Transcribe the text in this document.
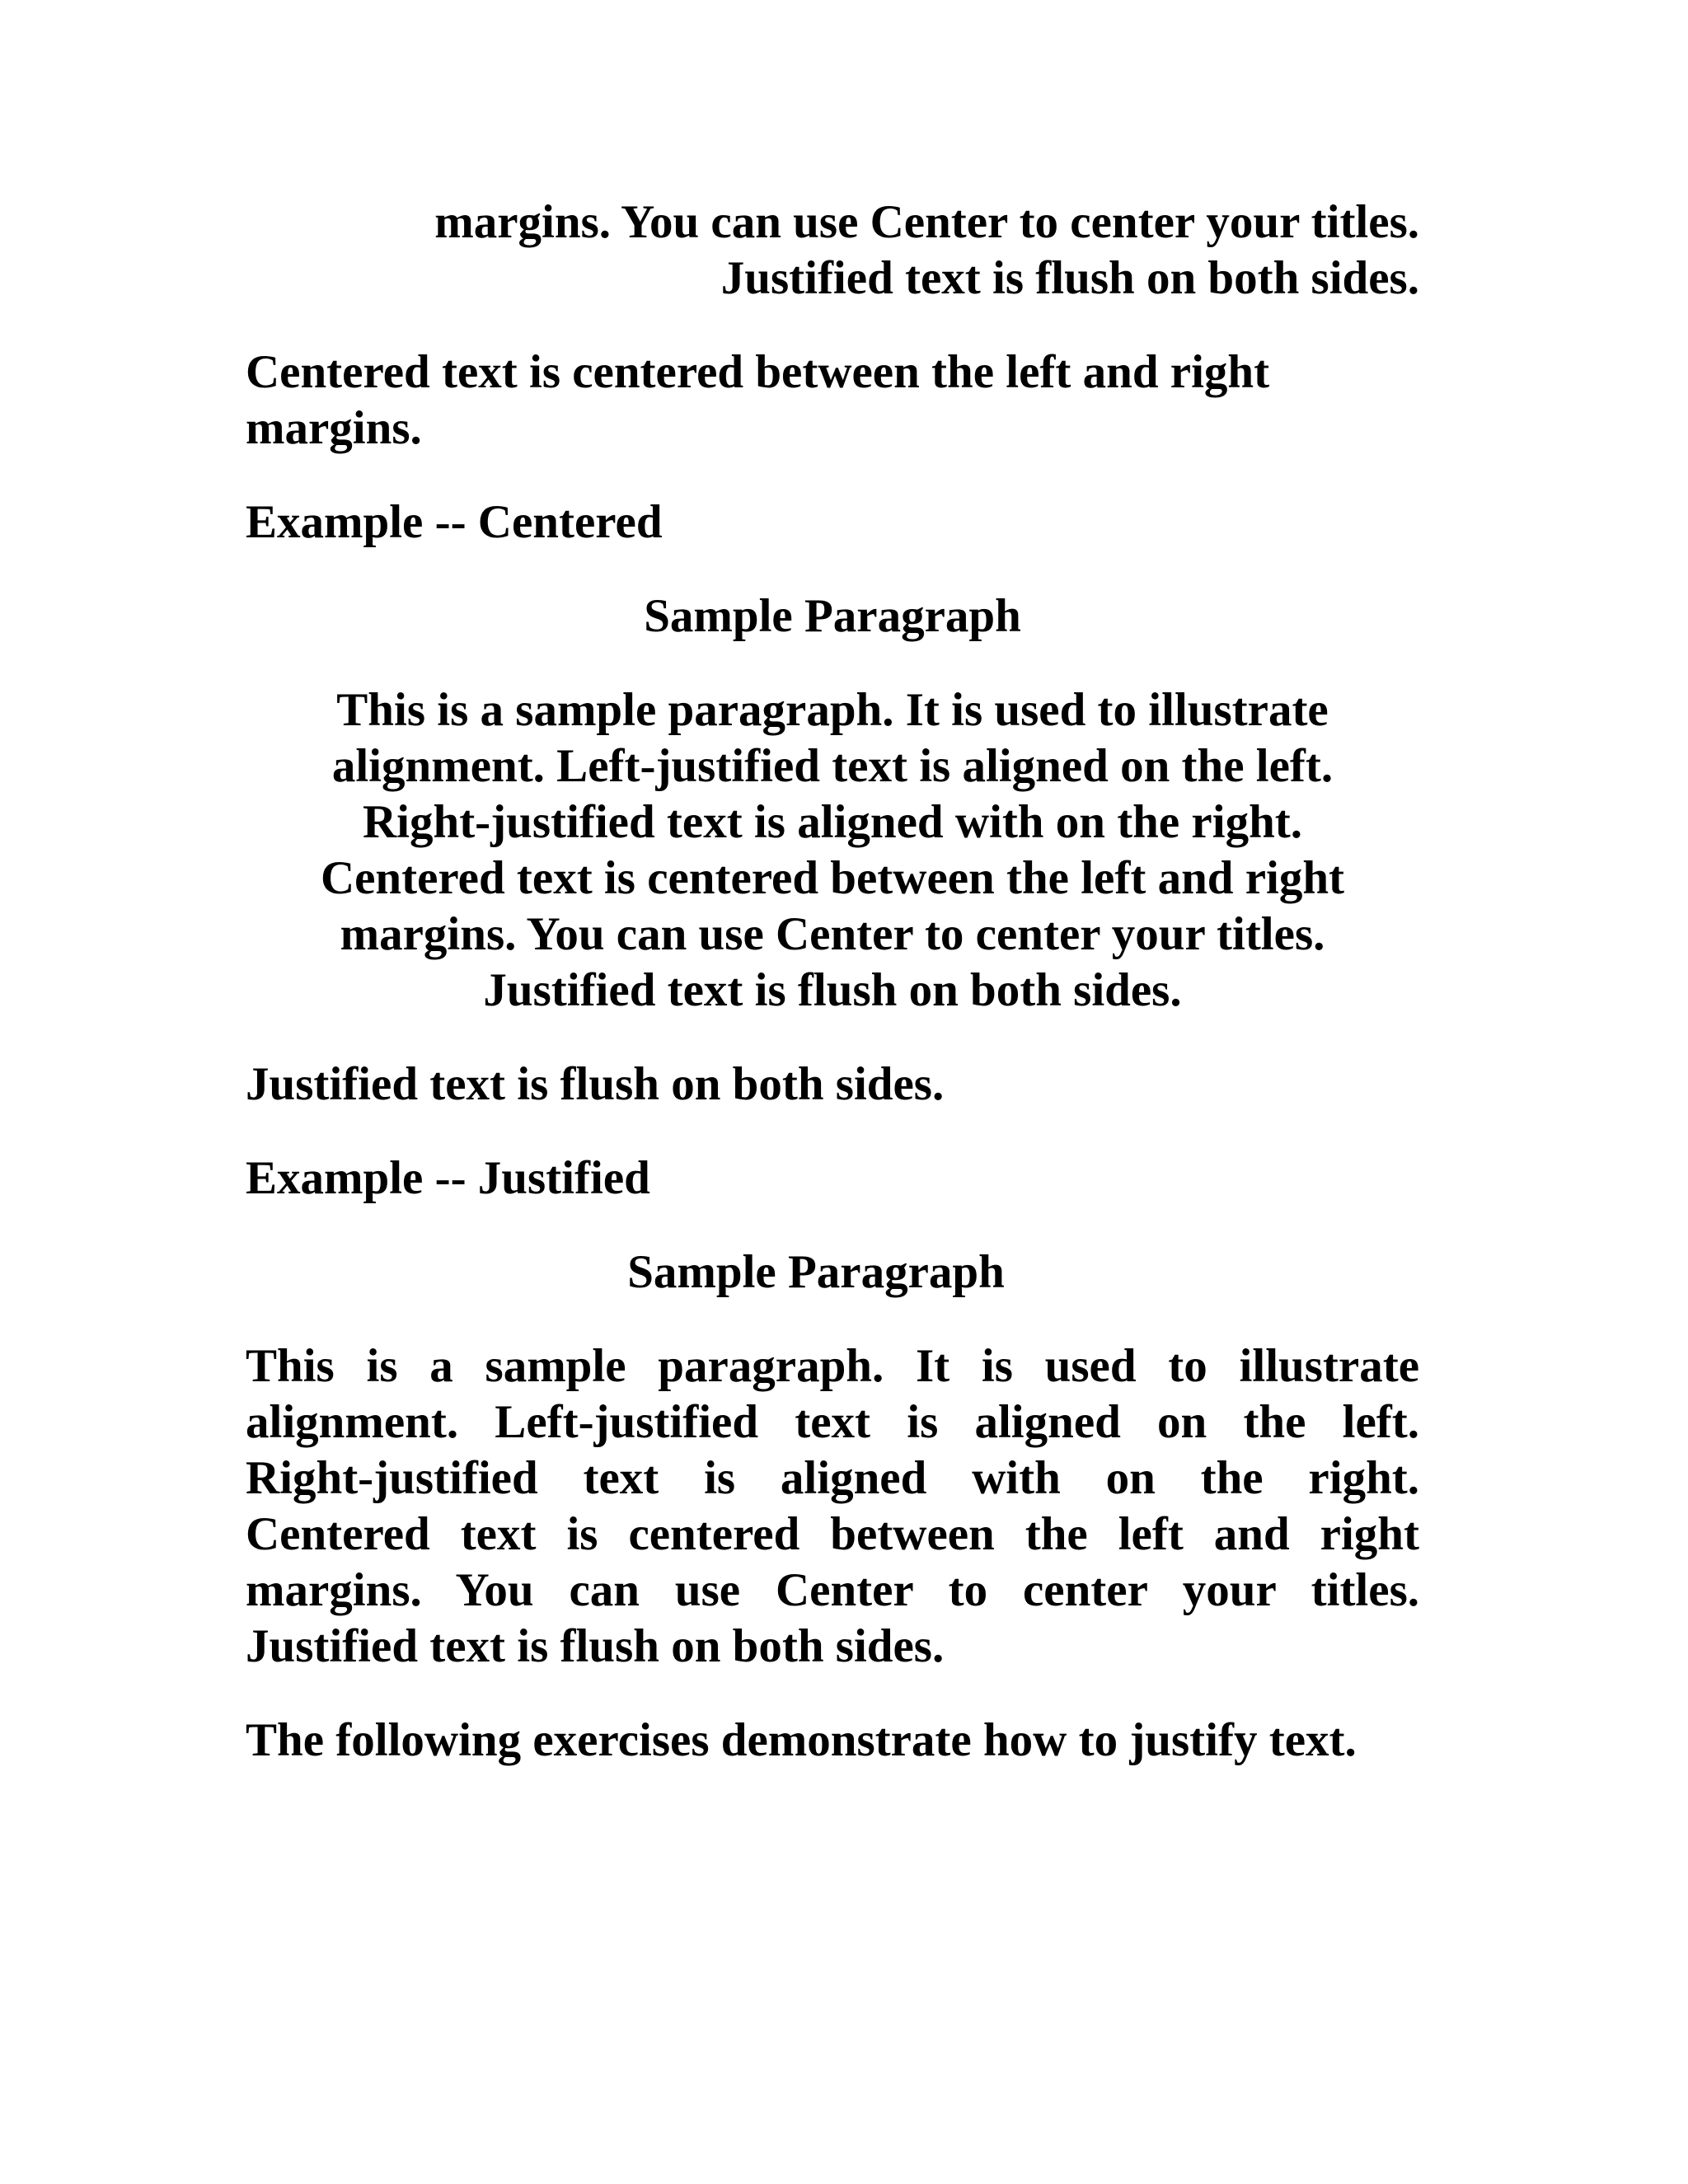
margins. You can use Center to center your titles.
Justified text is flush on both sides.
Centered text is centered between the left and right
margins.
Example -- Centered
Sample Paragraph
This is a sample paragraph. It is used to illustrate
alignment. Left-justified text is aligned on the left.
Right-justified text is aligned with on the right.
Centered text is centered between the left and right
margins. You can use Center to center your titles.
Justified text is flush on both sides.
Justified text is flush on both sides.
Example -- Justified
Sample Paragraph
This is a sample paragraph. It is used to illustrate
alignment. Left-justified text is aligned on the left.
Right-justified text is aligned with on the right.
Centered text is centered between the left and right
margins. You can use Center to center your titles.
Justified text is flush on both sides.
The following exercises demonstrate how to justify text.
